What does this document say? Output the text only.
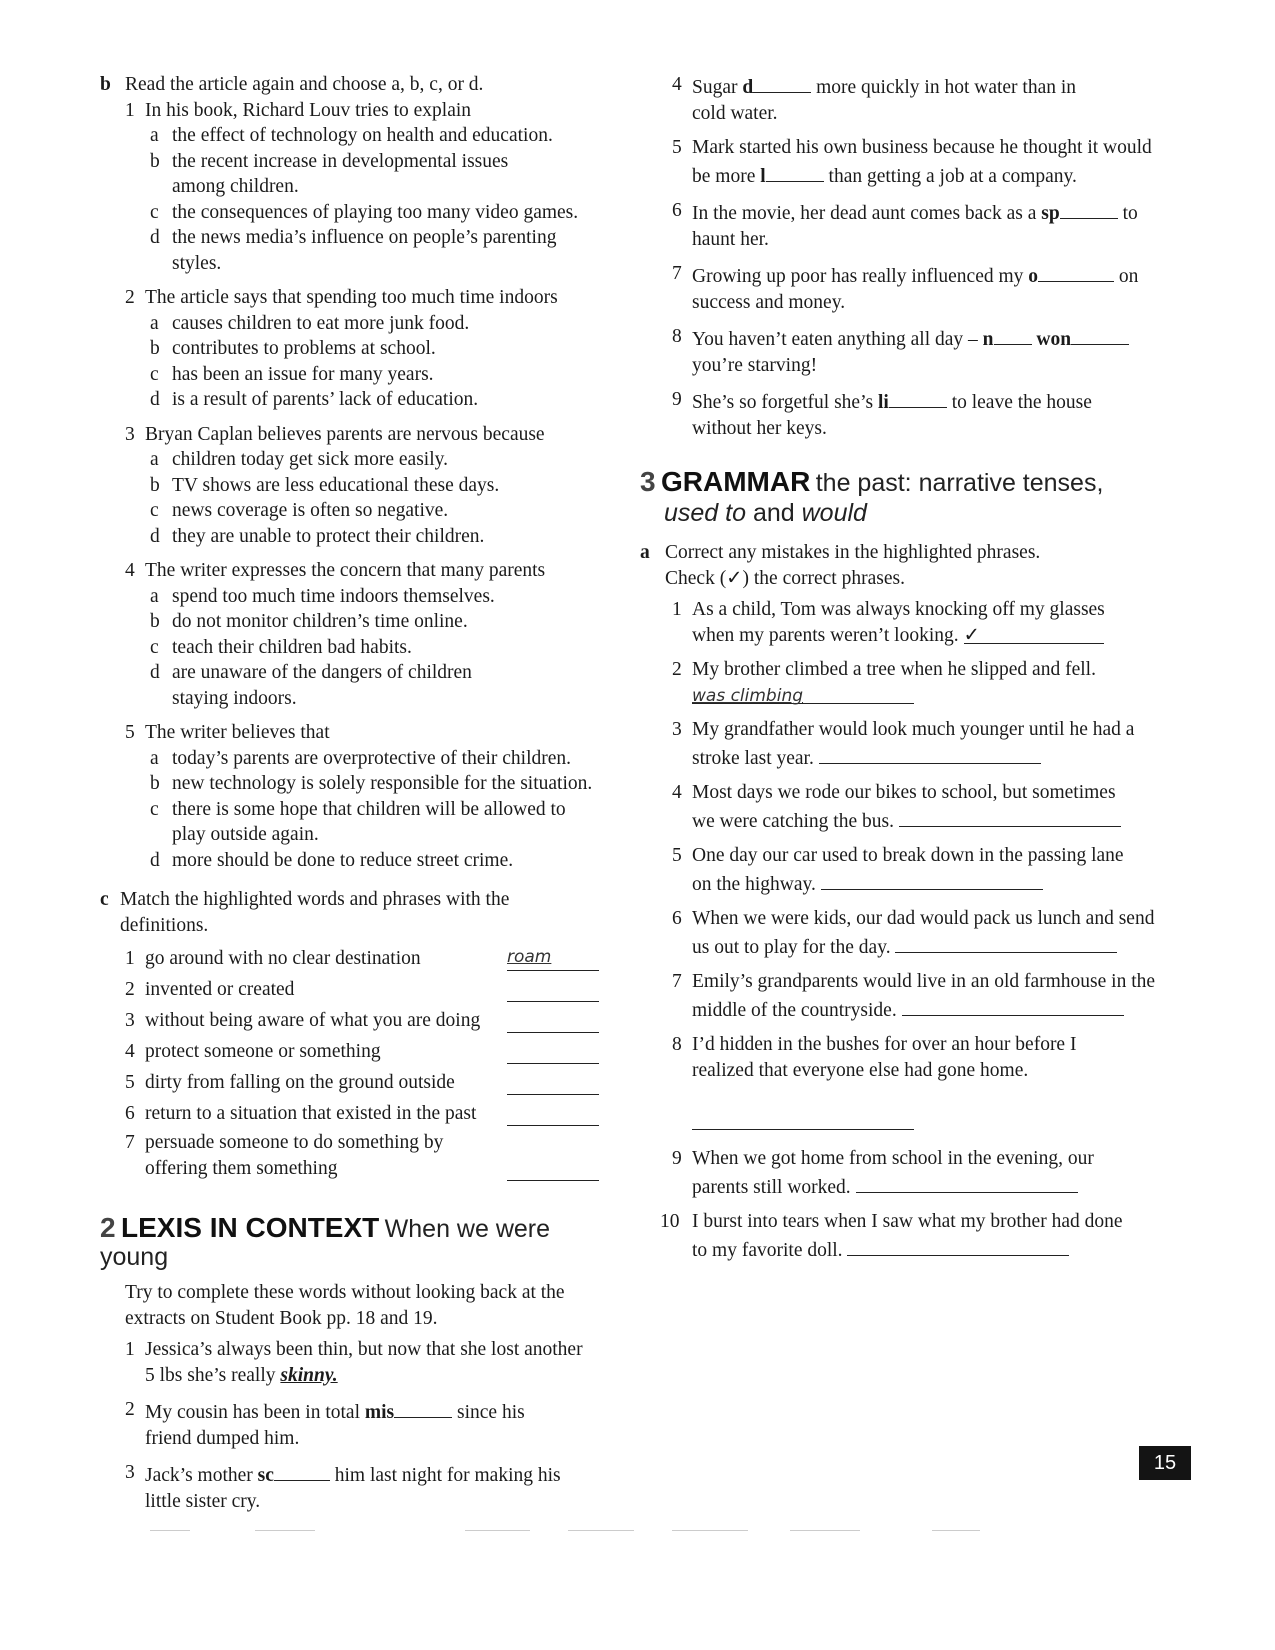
b Read the article again and choose a, b, c, or d.
1 In his book, Richard Louv tries to explain
a the effect of technology on health and education.
b the recent increase in developmental issues among children.
c the consequences of playing too many video games.
d the news media’s influence on people’s parenting styles.
2 The article says that spending too much time indoors
a causes children to eat more junk food.
b contributes to problems at school.
c has been an issue for many years.
d is a result of parents’ lack of education.
3 Bryan Caplan believes parents are nervous because
a children today get sick more easily.
b TV shows are less educational these days.
c news coverage is often so negative.
d they are unable to protect their children.
4 The writer expresses the concern that many parents
a spend too much time indoors themselves.
b do not monitor children’s time online.
c teach their children bad habits.
d are unaware of the dangers of children staying indoors.
5 The writer believes that
a today’s parents are overprotective of their children.
b new technology is solely responsible for the situation.
c there is some hope that children will be allowed to play outside again.
d more should be done to reduce street crime.
c Match the highlighted words and phrases with the definitions.
1 go around with no clear destination	roam
2 invented or created
3 without being aware of what you are doing
4 protect someone or something
5 dirty from falling on the ground outside
6 return to a situation that existed in the past
7 persuade someone to do something by offering them something
2 LEXIS IN CONTEXT When we were young
Try to complete these words without looking back at the extracts on Student Book pp. 18 and 19.
1 Jessica’s always been thin, but now that she lost another 5 lbs she’s really skinny.
2 My cousin has been in total mis	since his friend dumped him.
3 Jack’s mother sc	him last night for making his little sister cry.
4 Sugar d	more quickly in hot water than in cold water.
5 Mark started his own business because he thought it would be more l	than getting a job at a company.
6 In the movie, her dead aunt comes back as a sp	to haunt her.
7 Growing up poor has really influenced my o	on success and money.
8 You haven’t eaten anything all day – n won you’re starving!
9 She’s so forgetful she’s li	to leave the house without her keys.
3 GRAMMAR the past: narrative tenses,
used to and would
a Correct any mistakes in the highlighted phrases. Check (✓) the correct phrases.
1 As a child, Tom was always knocking off my glasses when my parents weren’t looking. ✓
2 My brother climbed a tree when he slipped and fell.
was climbing
3 My grandfather would look much younger until he had a stroke last year.
4 Most days we rode our bikes to school, but sometimes we were catching the bus.
5 One day our car used to break down in the passing lane on the highway.
6 When we were kids, our dad would pack us lunch and send us out to play for the day.
7 Emily’s grandparents would live in an old farmhouse in the middle of the countryside.
8 I’d hidden in the bushes for over an hour before I realized that everyone else had gone home.

9 When we got home from school in the evening, our parents still worked.
10 I burst into tears when I saw what my brother had done to my favorite doll.
15
